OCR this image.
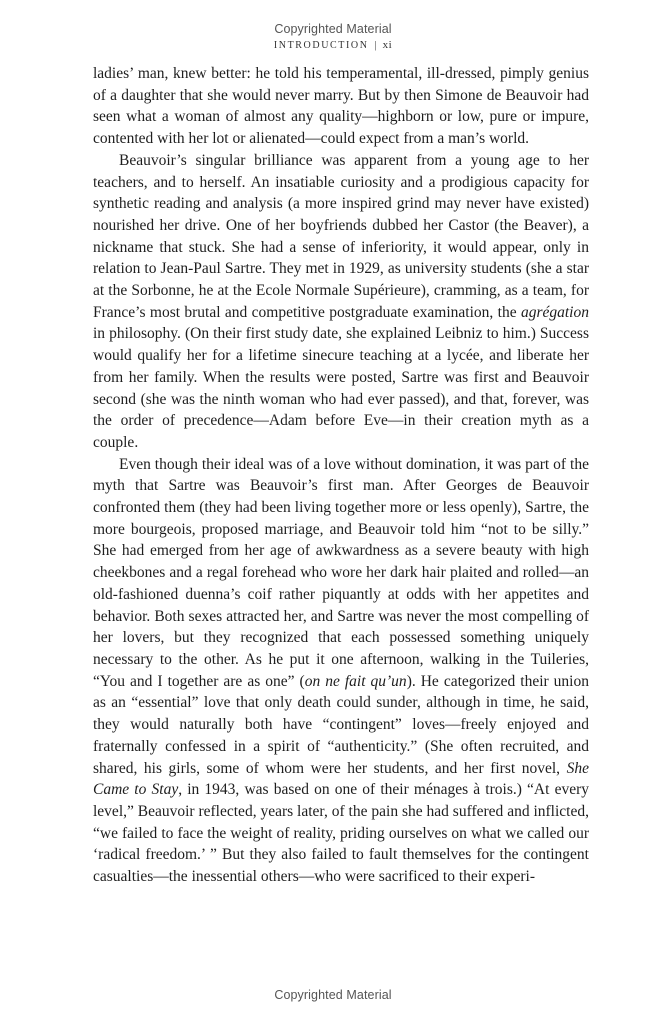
Copyrighted Material
INTRODUCTION | xi

ladies’ man, knew better: he told his temperamental, ill-dressed, pimply genius of a daughter that she would never marry. But by then Simone de Beauvoir had seen what a woman of almost any quality—highborn or low, pure or impure, contented with her lot or alienated—could expect from a man’s world.

Beauvoir’s singular brilliance was apparent from a young age to her teachers, and to herself. An insatiable curiosity and a prodigious capacity for synthetic reading and analysis (a more inspired grind may never have existed) nourished her drive. One of her boyfriends dubbed her Castor (the Beaver), a nickname that stuck. She had a sense of inferiority, it would appear, only in relation to Jean-Paul Sartre. They met in 1929, as university students (she a star at the Sorbonne, he at the Ecole Normale Supérieure), cramming, as a team, for France’s most brutal and competitive postgraduate examination, the agrégation in philosophy. (On their first study date, she explained Leibniz to him.) Success would qualify her for a lifetime sinecure teaching at a lycée, and liberate her from her family. When the results were posted, Sartre was first and Beauvoir second (she was the ninth woman who had ever passed), and that, forever, was the order of precedence—Adam before Eve—in their creation myth as a couple.

Even though their ideal was of a love without domination, it was part of the myth that Sartre was Beauvoir’s first man. After Georges de Beauvoir confronted them (they had been living together more or less openly), Sartre, the more bourgeois, proposed marriage, and Beauvoir told him “not to be silly.” She had emerged from her age of awkwardness as a severe beauty with high cheekbones and a regal forehead who wore her dark hair plaited and rolled—an old-fashioned duenna’s coif rather piquantly at odds with her appetites and behavior. Both sexes attracted her, and Sartre was never the most compelling of her lovers, but they recognized that each possessed something uniquely necessary to the other. As he put it one afternoon, walking in the Tuileries, “You and I together are as one” (on ne fait qu’un). He categorized their union as an “essential” love that only death could sunder, although in time, he said, they would naturally both have “contingent” loves—freely enjoyed and fraternally confessed in a spirit of “authenticity.” (She often recruited, and shared, his girls, some of whom were her students, and her first novel, She Came to Stay, in 1943, was based on one of their ménages à trois.) “At every level,” Beauvoir reflected, years later, of the pain she had suffered and inflicted, “we failed to face the weight of reality, priding ourselves on what we called our ‘radical freedom.’ ” But they also failed to fault themselves for the contingent casualties—the inessential others—who were sacrificed to their experi-

Copyrighted Material
